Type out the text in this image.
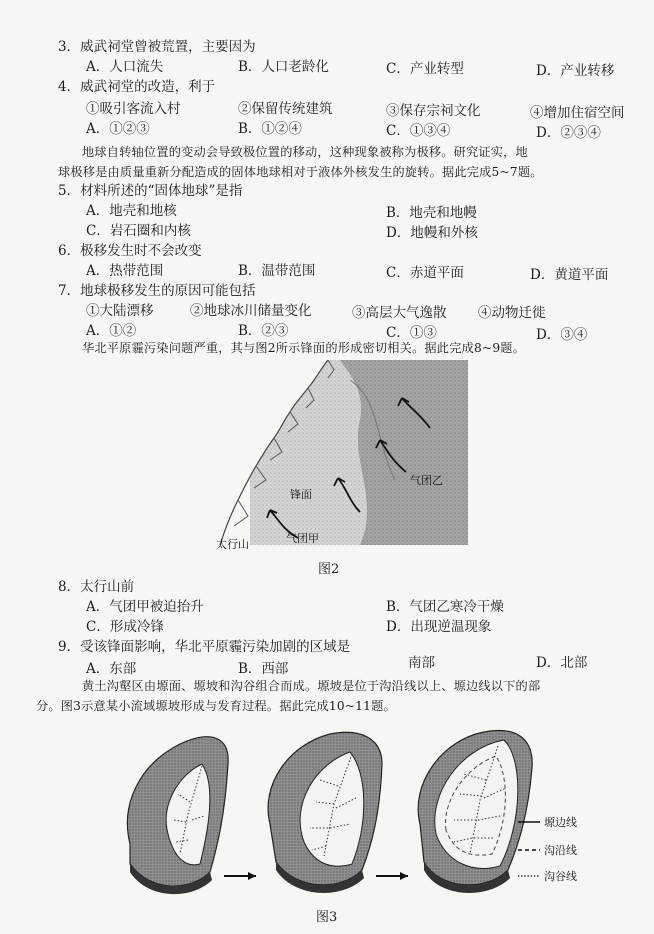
3．威武祠堂曾被荒置，主要因为
A．人口流失	B．人口老龄化	C．产业转型	D．产业转移
4．威武祠堂的改造，利于
①吸引客流入村	②保留传统建筑	③保存宗祠文化	④增加住宿空间
A．①②③	B．①②④	C．①③④	D．②③④
地球自转轴位置的变动会导致极位置的移动，这种现象被称为极移。研究证实，地
球极移是由质量重新分配造成的固体地球相对于液体外核发生的旋转。据此完成5~7题。
5．材料所述的“固体地球”是指
A．地壳和地核	B．地壳和地幔
C．岩石圈和内核	D．地幔和外核
6．极移发生时不会改变
A．热带范围	B．温带范围	C．赤道平面	D．黄道平面
7．地球极移发生的原因可能包括
①大陆漂移	②地球冰川储量变化	③高层大气逸散 ④动物迁徙
A．①②	B．②③	C．①③	D．③④
华北平原霾污染问题严重，其与图2所示锋面的形成密切相关。据此完成8~9题。
气团乙
锋面
气团甲
太行山
图2
8．太行山前
A．气团甲被迫抬升	B．气团乙寒冷干燥
C．形成冷锋	D．出现逆温现象
9．受该锋面影响，华北平原霾污染加剧的区域是
A．东部	B．西部	南部	D．北部
黄土沟壑区由塬面、塬坡和沟谷组合而成。塬坡是位于沟沿线以上、塬边线以下的部
分。图3示意某小流域塬坡形成与发育过程。据此完成10~11题。
塬边线
沟沿线
沟谷线
图3
